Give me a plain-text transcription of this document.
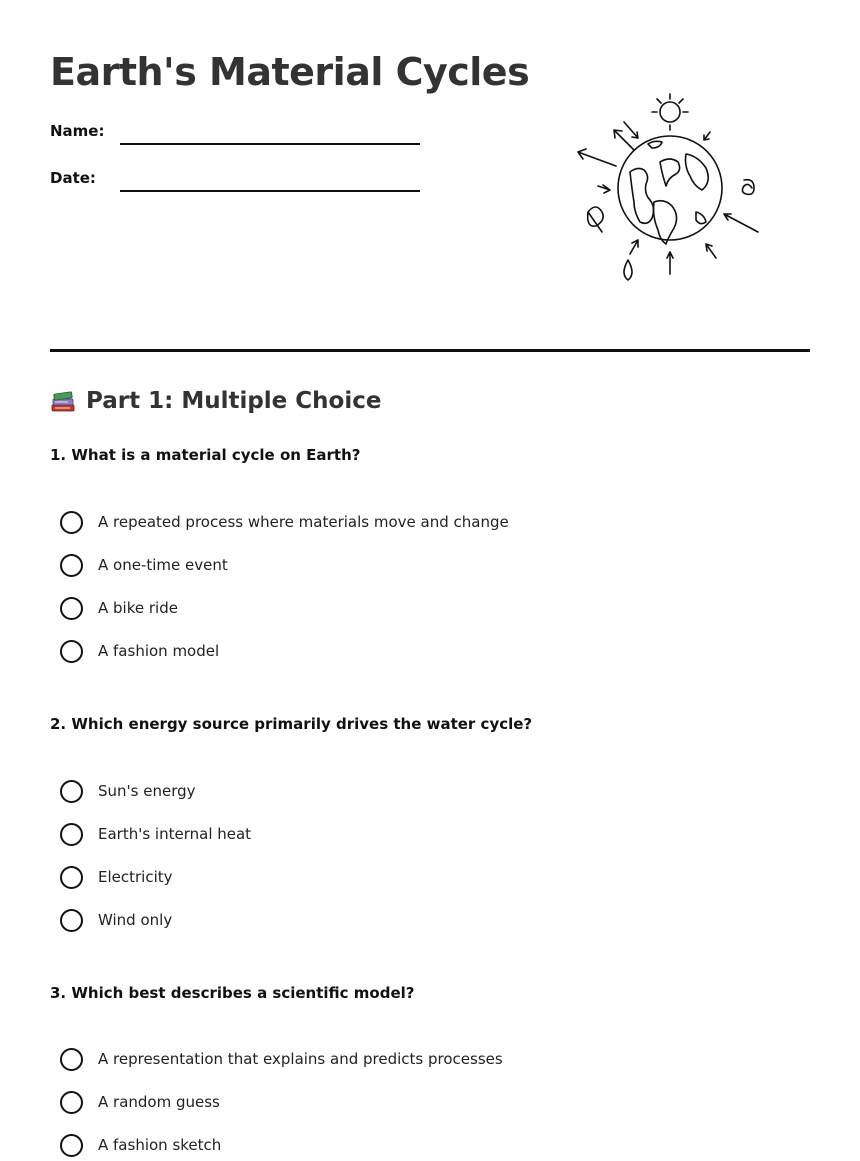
Earth's Material Cycles
Name:
Date:
Part 1: Multiple Choice
1. What is a material cycle on Earth?
A repeated process where materials move and change
A one-time event
A bike ride
A fashion model
2. Which energy source primarily drives the water cycle?
Sun's energy
Earth's internal heat
Electricity
Wind only
3. Which best describes a scientific model?
A representation that explains and predicts processes
A random guess
A fashion sketch
